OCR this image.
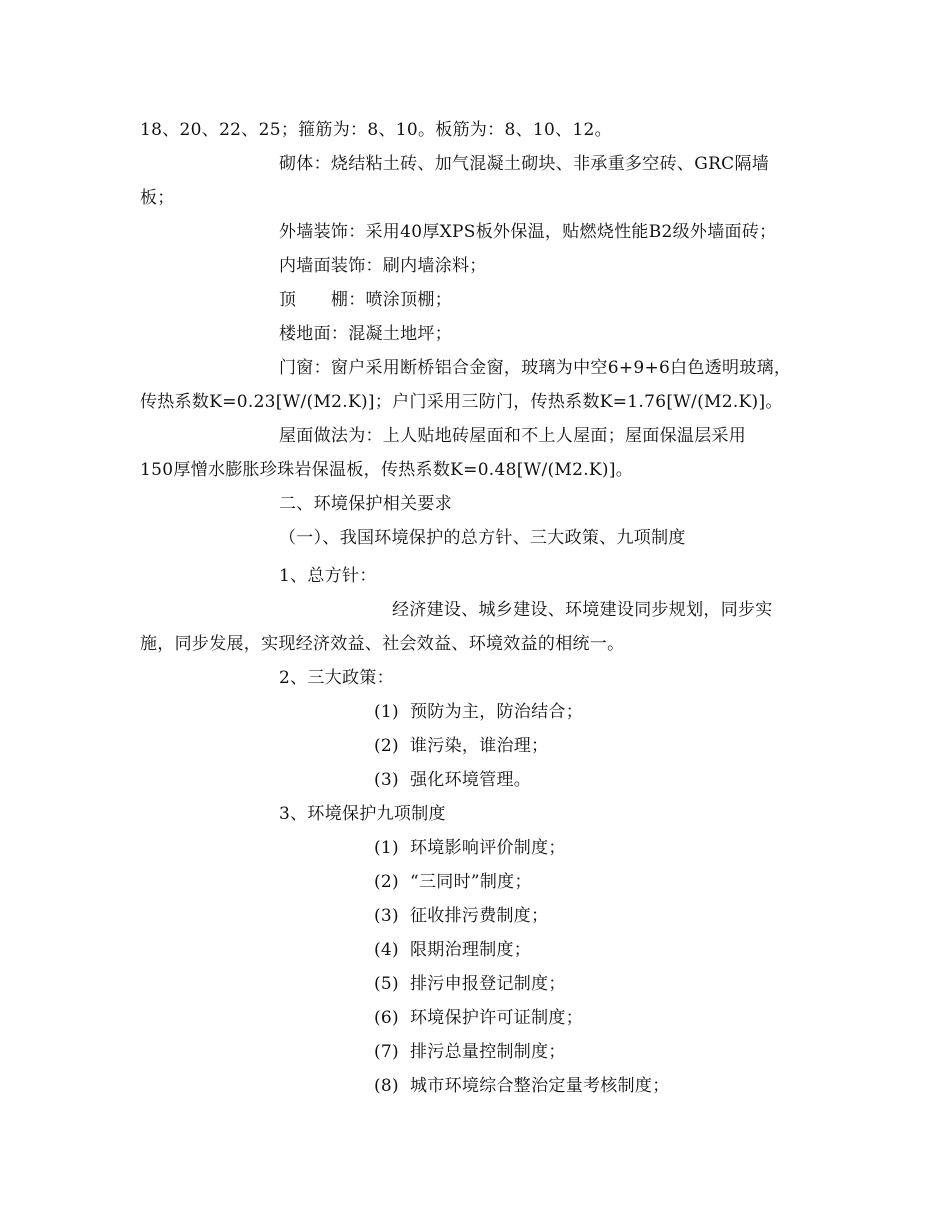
18、20、22、25；箍筋为：8、10。板筋为：8、10、12。
砌体：烧结粘土砖、加气混凝土砌块、非承重多空砖、GRC隔墙
板；
外墙装饰：采用40厚XPS板外保温，贴燃烧性能B2级外墙面砖；
内墙面装饰：刷内墙涂料；
顶　　棚：喷涂顶棚；
楼地面：混凝土地坪；
门窗：窗户采用断桥铝合金窗，玻璃为中空6+9+6白色透明玻璃，
传热系数K=0.23[W/(M2.K)]；户门采用三防门，传热系数K=1.76[W/(M2.K)]。
屋面做法为：上人贴地砖屋面和不上人屋面；屋面保温层采用
150厚憎水膨胀珍珠岩保温板，传热系数K=0.48[W/(M2.K)]。
二、环境保护相关要求
（一）、我国环境保护的总方针、三大政策、九项制度
1、总方针：
经济建设、城乡建设、环境建设同步规划，同步实
施，同步发展，实现经济效益、社会效益、环境效益的相统一。
2、三大政策：
(1) 预防为主，防治结合；
(2) 谁污染，谁治理；
(3) 强化环境管理。
3、环境保护九项制度
(1) 环境影响评价制度；
(2) “三同时”制度；
(3) 征收排污费制度；
(4) 限期治理制度；
(5) 排污申报登记制度；
(6) 环境保护许可证制度；
(7) 排污总量控制制度；
(8) 城市环境综合整治定量考核制度；
